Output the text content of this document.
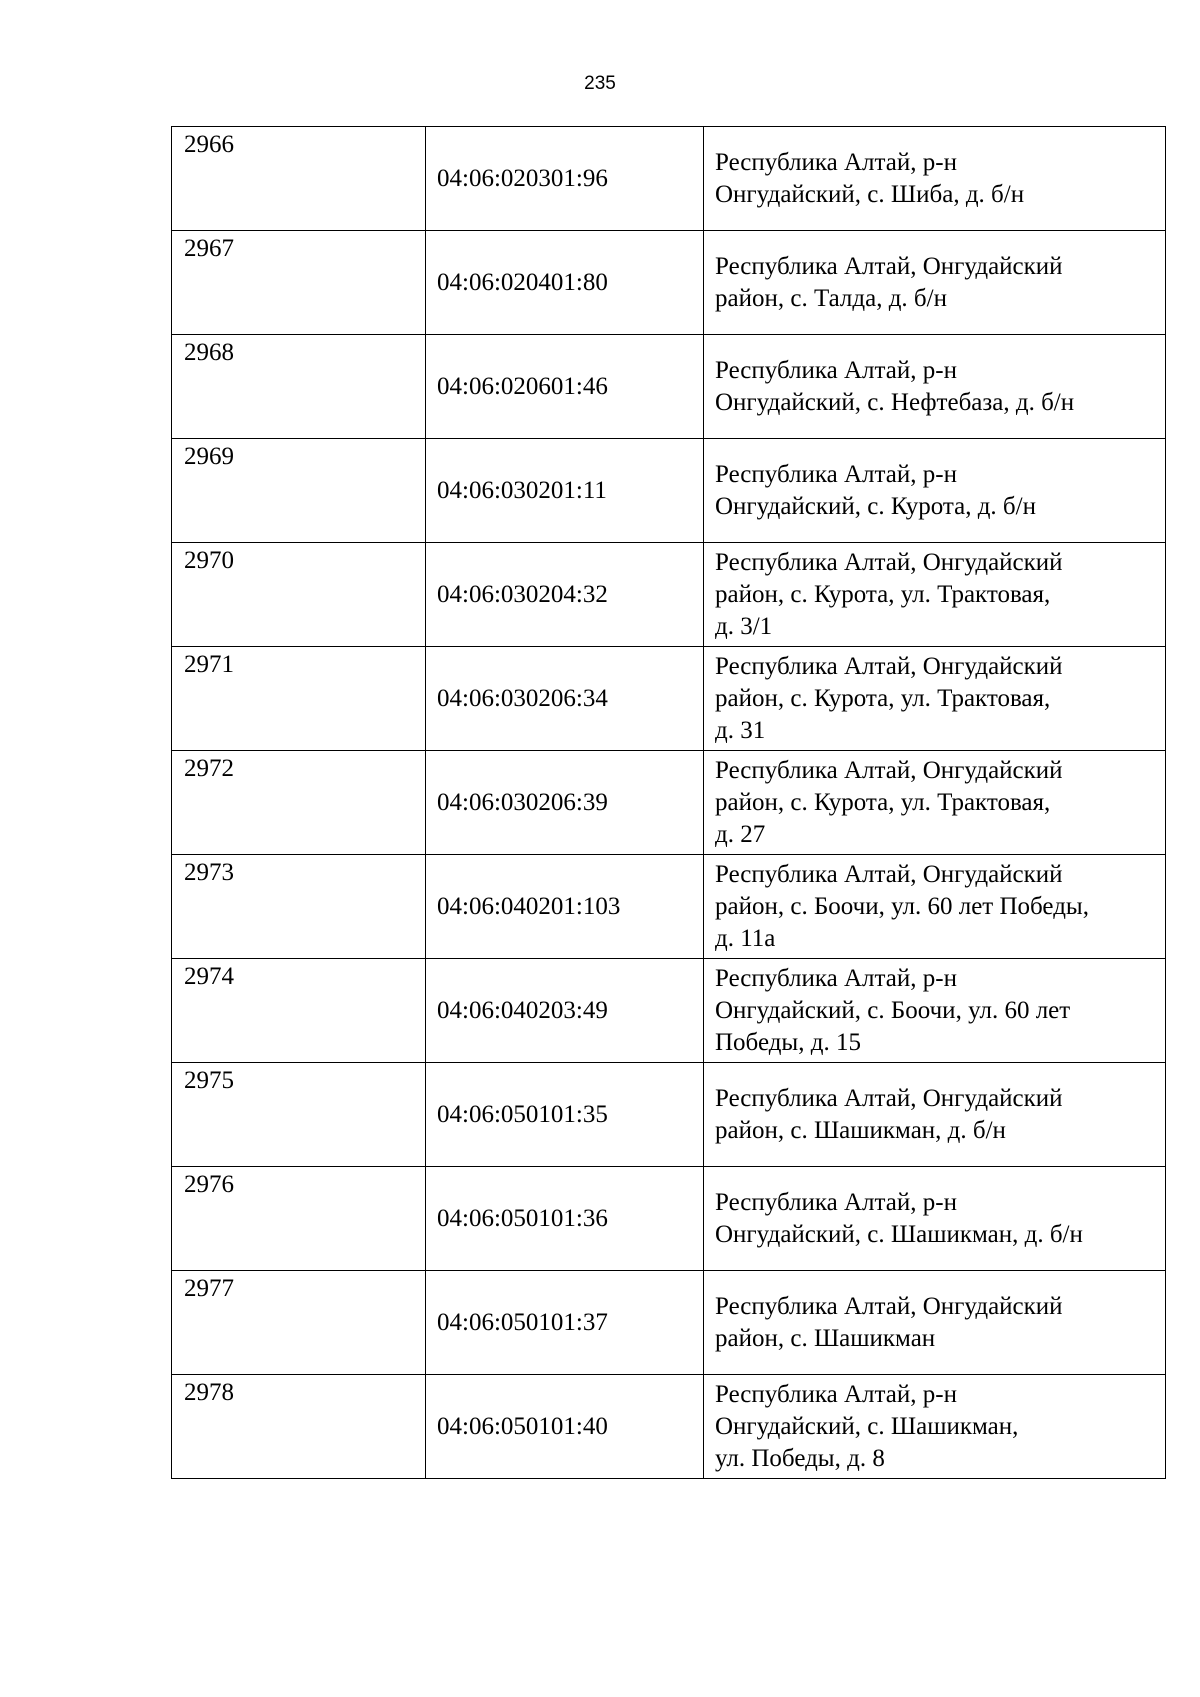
235
2966	04:06:020301:96	Республика Алтай, р-н
Онгудайский, с. Шиба, д. б/н

2967	04:06:020401:80	Республика Алтай, Онгудайский
район, с. Талда, д. б/н

2968	04:06:020601:46	Республика Алтай, р-н
Онгудайский, с. Нефтебаза, д. б/н

2969	04:06:030201:11	Республика Алтай, р-н
Онгудайский, с. Курота, д. б/н

2970	04:06:030204:32	Республика Алтай, Онгудайский
район, с. Курота, ул. Трактовая,
д. 3/1

2971	04:06:030206:34	Республика Алтай, Онгудайский
район, с. Курота, ул. Трактовая,
д. 31

2972	04:06:030206:39	Республика Алтай, Онгудайский
район, с. Курота, ул. Трактовая,
д. 27

2973	04:06:040201:103	Республика Алтай, Онгудайский
район, с. Боочи, ул. 60 лет Победы,
д. 11а

2974	04:06:040203:49	Республика Алтай, р-н
Онгудайский, с. Боочи, ул. 60 лет
Победы, д. 15

2975	04:06:050101:35	Республика Алтай, Онгудайский
район, с. Шашикман, д. б/н

2976	04:06:050101:36	Республика Алтай, р-н
Онгудайский, с. Шашикман, д. б/н

2977	04:06:050101:37	Республика Алтай, Онгудайский
район, с. Шашикман

2978	04:06:050101:40	Республика Алтай, р-н
Онгудайский, с. Шашикман,
ул. Победы, д. 8
